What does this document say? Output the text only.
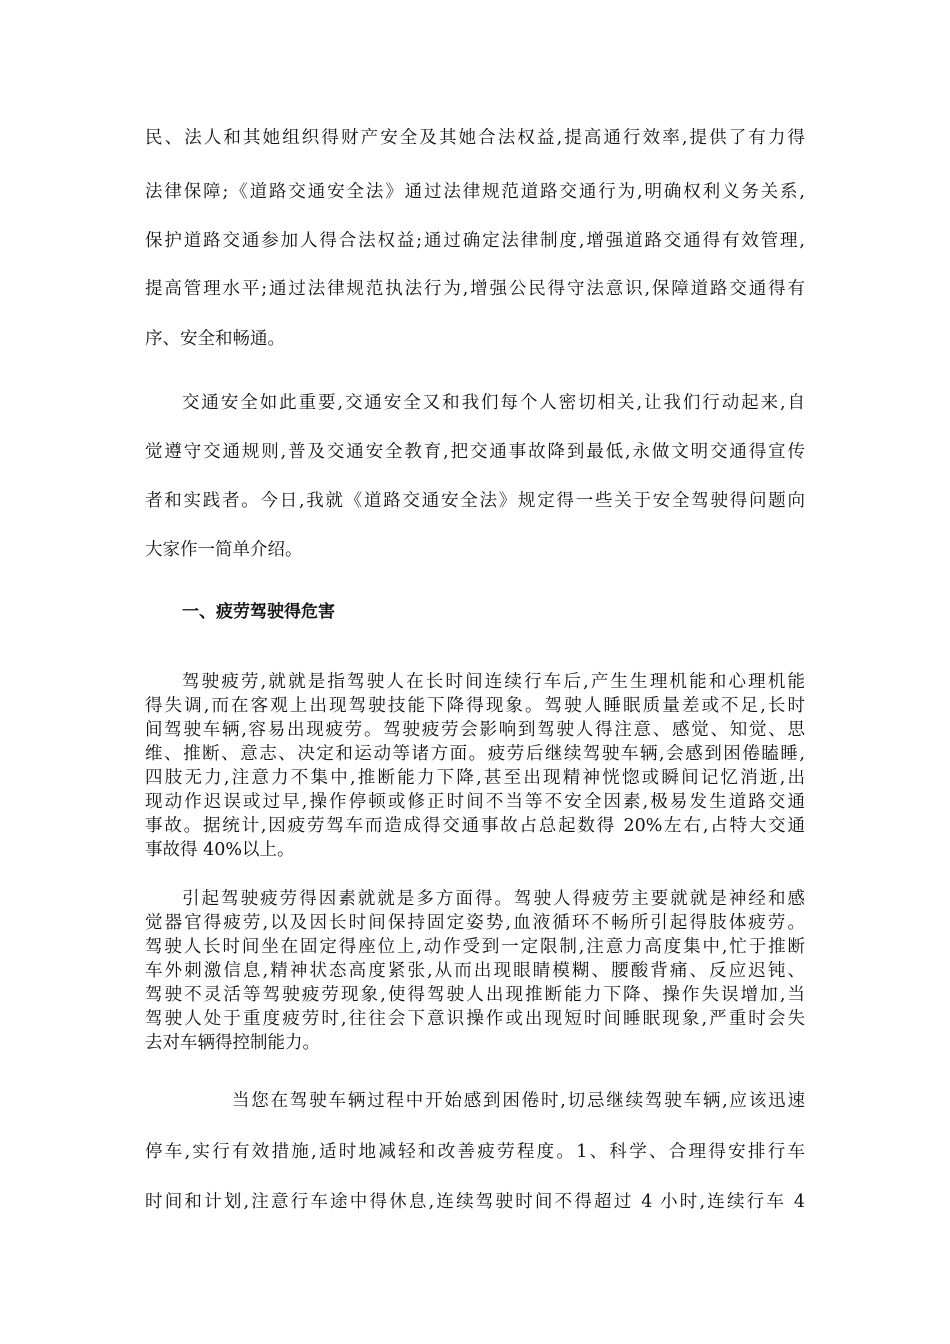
民、法人和其她组织得财产安全及其她合法权益,提高通行效率,提供了有力得
法律保障;《道路交通安全法》通过法律规范道路交通行为,明确权利义务关系,
保护道路交通参加人得合法权益;通过确定法律制度,增强道路交通得有效管理,
提高管理水平;通过法律规范执法行为,增强公民得守法意识,保障道路交通得有
序、安全和畅通。
交通安全如此重要,交通安全又和我们每个人密切相关,让我们行动起来,自
觉遵守交通规则,普及交通安全教育,把交通事故降到最低,永做文明交通得宣传
者和实践者。今日,我就《道路交通安全法》规定得一些关于安全驾驶得问题向
大家作一简单介绍。
一、疲劳驾驶得危害
驾驶疲劳,就就是指驾驶人在长时间连续行车后,产生生理机能和心理机能
得失调,而在客观上出现驾驶技能下降得现象。驾驶人睡眠质量差或不足,长时
间驾驶车辆,容易出现疲劳。驾驶疲劳会影响到驾驶人得注意、感觉、知觉、思
维、推断、意志、决定和运动等诸方面。疲劳后继续驾驶车辆,会感到困倦瞌睡,
四肢无力,注意力不集中,推断能力下降,甚至出现精神恍惚或瞬间记忆消逝,出
现动作迟误或过早,操作停顿或修正时间不当等不安全因素,极易发生道路交通
事故。据统计,因疲劳驾车而造成得交通事故占总起数得 20%左右,占特大交通
事故得 40%以上。
引起驾驶疲劳得因素就就是多方面得。驾驶人得疲劳主要就就是神经和感
觉器官得疲劳,以及因长时间保持固定姿势,血液循环不畅所引起得肢体疲劳。
驾驶人长时间坐在固定得座位上,动作受到一定限制,注意力高度集中,忙于推断
车外刺激信息,精神状态高度紧张,从而出现眼睛模糊、腰酸背痛、反应迟钝、
驾驶不灵活等驾驶疲劳现象,使得驾驶人出现推断能力下降、操作失误增加,当
驾驶人处于重度疲劳时,往往会下意识操作或出现短时间睡眠现象,严重时会失
去对车辆得控制能力。
当您在驾驶车辆过程中开始感到困倦时,切忌继续驾驶车辆,应该迅速
停车,实行有效措施,适时地减轻和改善疲劳程度。1、科学、合理得安排行车
时间和计划,注意行车途中得休息,连续驾驶时间不得超过 4 小时,连续行车 4
